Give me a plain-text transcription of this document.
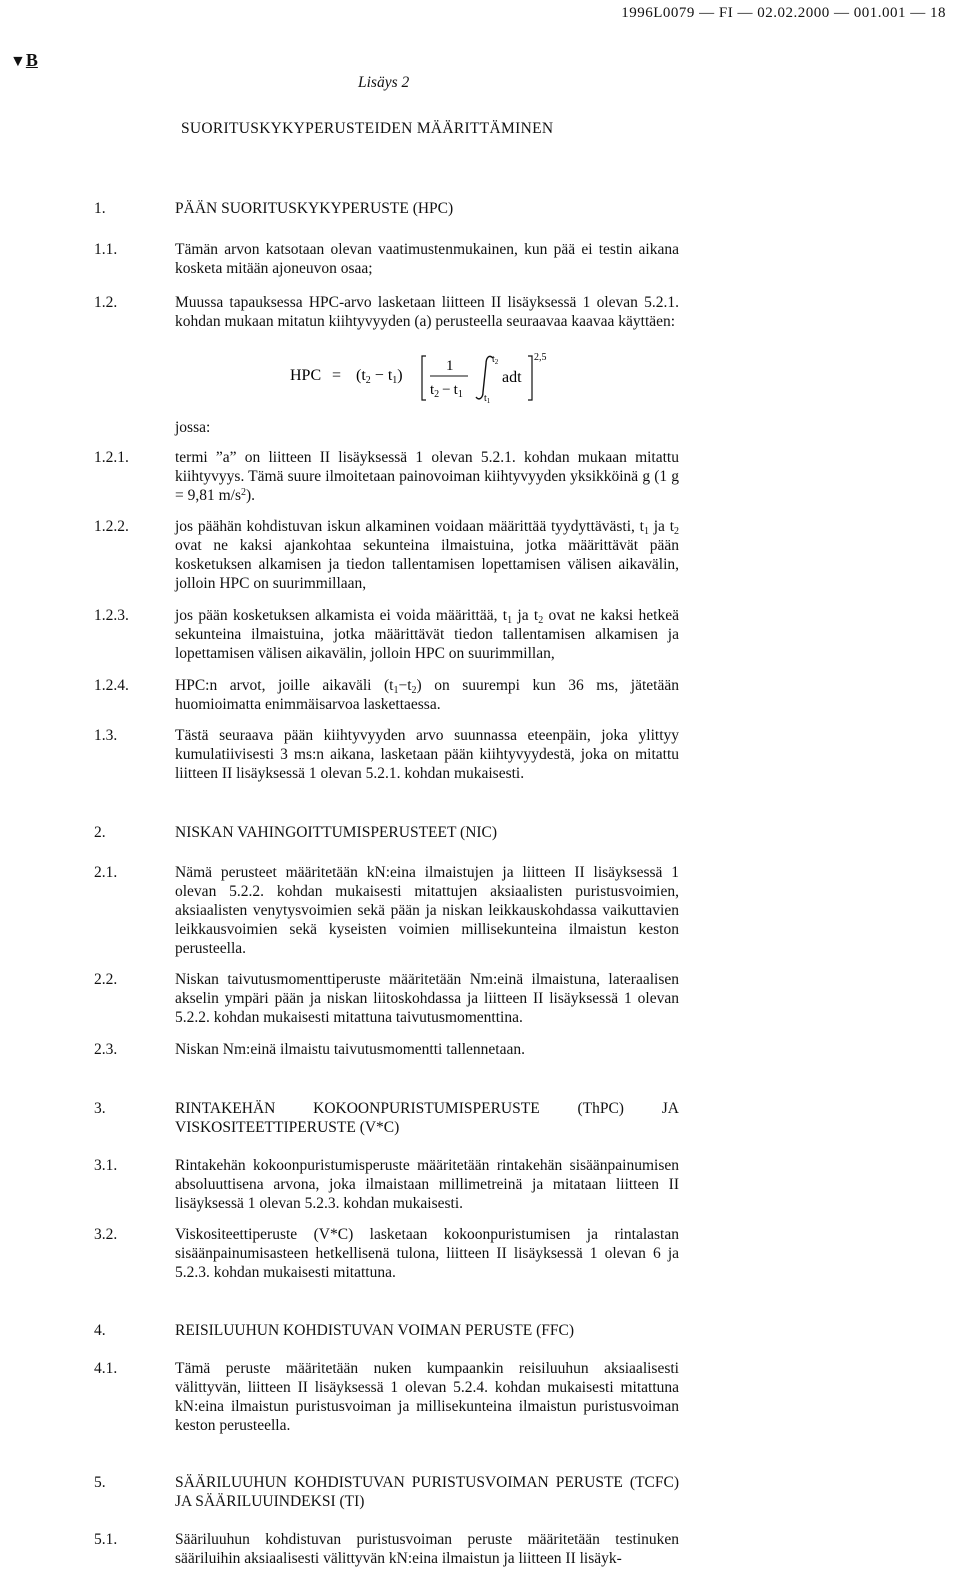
1996L0079 — FI — 02.02.2000 — 001.001 — 18
▼B
Lisäys 2
SUORITUSKYKYPERUSTEIDEN MÄÄRITTÄMINEN
1.	PÄÄN SUORITUSKYKYPERUSTE (HPC)
1.1.	Tämän arvon katsotaan olevan vaatimustenmukainen, kun pää ei testin aikana kosketa mitään ajoneuvon osaa;
1.2.	Muussa tapauksessa HPC-arvo lasketaan liitteen II lisäyksessä 1 olevan 5.2.1. kohdan mukaan mitatun kiihtyvyyden (a) perusteella seuraavaa kaavaa käyttäen:
HPC = (t2 − t1)
1
$t_2 - t_1$
$t_2$
$t_1$
adt
2,5
jossa:
1.2.1.	termi ”a” on liitteen II lisäyksessä 1 olevan 5.2.1. kohdan mukaan mitattu kiihtyvyys. Tämä suure ilmoitetaan painovoiman kiihtyvyyden yksikköinä g (1 g = 9,81 $m/s^2$).
1.2.2.	jos päähän kohdistuvan iskun alkaminen voidaan määrittää tyydyttävästi, $t_1$ ja $t_2$ ovat ne kaksi ajankohtaa sekunteina ilmaistuina, jotka määrittävät pään kosketuksen alkamisen ja tiedon tallentamisen lopettamisen välisen aikavälin, jolloin HPC on suurimmillaan,
1.2.3.	jos pään kosketuksen alkamista ei voida määrittää, $t_1$ ja $t_2$ ovat ne kaksi hetkeä sekunteina ilmaistuina, jotka määrittävät tiedon tallentamisen alkamisen ja lopettamisen välisen aikavälin, jolloin HPC on suurimmillan,
1.2.4.	HPC:n arvot, joille aikaväli $(t_1-t_2)$ on suurempi kun 36 ms, jätetään huomioimatta enimmäisarvoa laskettaessa.
1.3.	Tästä seuraava pään kiihtyvyyden arvo suunnassa eteenpäin, joka ylittyy kumulatiivisesti 3 ms:n aikana, lasketaan pään kiihtyvyydestä, joka on mitattu liitteen II lisäyksessä 1 olevan 5.2.1. kohdan mukaisesti.
2.	NISKAN VAHINGOITTUMISPERUSTEET (NIC)
2.1.	Nämä perusteet määritetään kN:eina ilmaistujen ja liitteen II lisäyksessä 1 olevan 5.2.2. kohdan mukaisesti mitattujen aksiaalisten puristusvoimien, aksiaalisten venytysvoimien sekä pään ja niskan leikkauskohdassa vaikuttavien leikkausvoimien sekä kyseisten voimien millisekunteina ilmaistun keston perusteella.
2.2.	Niskan taivutusmomenttiperuste määritetään Nm:einä ilmaistuna, lateraalisen akselin ympäri pään ja niskan liitoskohdassa ja liitteen II lisäyksessä 1 olevan 5.2.2. kohdan mukaisesti mitattuna taivutusmomenttina.
2.3.	Niskan Nm:einä ilmaistu taivutusmomentti tallennetaan.
3.	RINTAKEHÄN KOKOONPURISTUMISPERUSTE (ThPC) JA VISKOSITEETTIPERUSTE (V*C)
3.1.	Rintakehän kokoonpuristumisperuste määritetään rintakehän sisäänpainumisen absoluuttisena arvona, joka ilmaistaan millimetreinä ja mitataan liitteen II lisäyksessä 1 olevan 5.2.3. kohdan mukaisesti.
3.2.	Viskositeettiperuste (V*C) lasketaan kokoonpuristumisen ja rintalastan sisäänpainumisasteen hetkellisenä tulona, liitteen II lisäyksessä 1 olevan 6 ja 5.2.3. kohdan mukaisesti mitattuna.
4.	REISILUUHUN KOHDISTUVAN VOIMAN PERUSTE (FFC)
4.1.	Tämä peruste määritetään nuken kumpaankin reisiluuhun aksiaalisesti välittyvän, liitteen II lisäyksessä 1 olevan 5.2.4. kohdan mukaisesti mitattuna kN:eina ilmaistun puristusvoiman ja millisekunteina ilmaistun puristusvoiman keston perusteella.
5.	SÄÄRILUUHUN KOHDISTUVAN PURISTUSVOIMAN PERUSTE (TCFC) JA SÄÄRILUUINDEKSI (TI)
5.1.	Sääriluuhun kohdistuvan puristusvoiman peruste määritetään testinuken sääriluihin aksiaalisesti välittyvän kN:eina ilmaistun ja liitteen II lisäyk-
